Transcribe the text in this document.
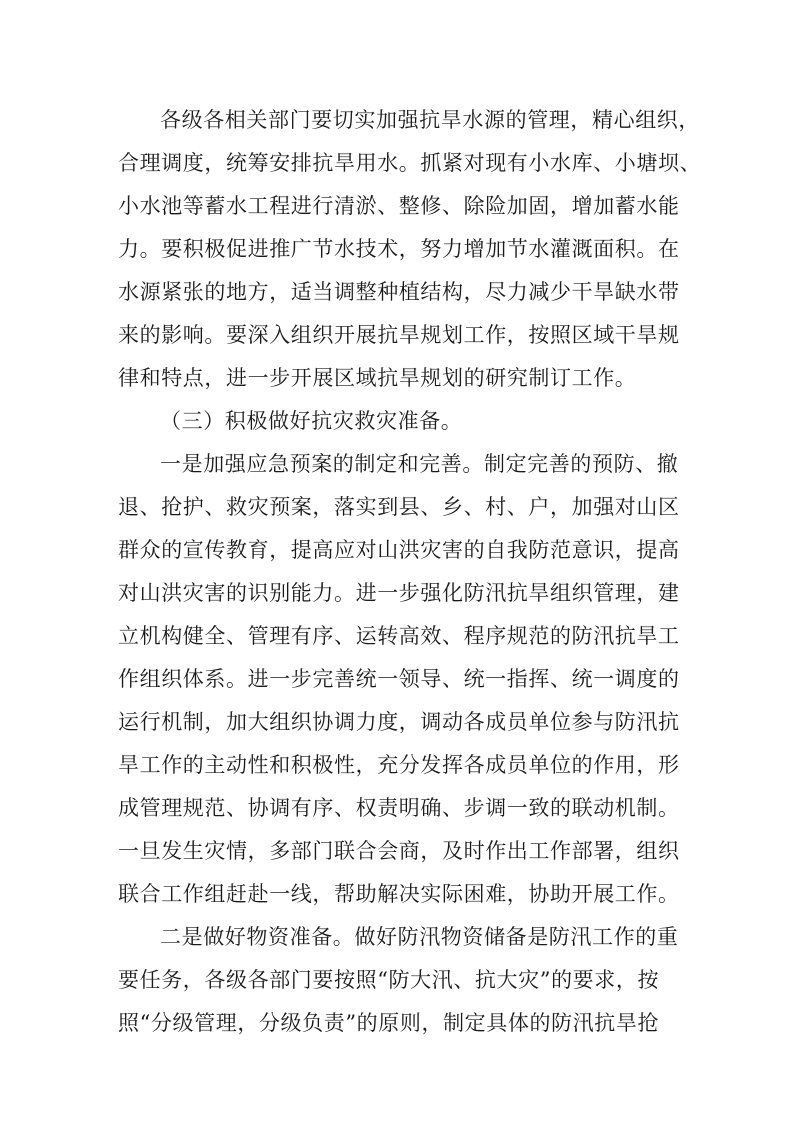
各级各相关部门要切实加强抗旱水源的管理，精心组织，
合理调度，统筹安排抗旱用水。抓紧对现有小水库、小塘坝、
小水池等蓄水工程进行清淤、整修、除险加固，增加蓄水能
力。要积极促进推广节水技术，努力增加节水灌溉面积。在
水源紧张的地方，适当调整种植结构，尽力减少干旱缺水带
来的影响。要深入组织开展抗旱规划工作，按照区域干旱规
律和特点，进一步开展区域抗旱规划的研究制订工作。
（三）积极做好抗灾救灾准备。
一是加强应急预案的制定和完善。制定完善的预防、撤
退、抢护、救灾预案，落实到县、乡、村、户，加强对山区
群众的宣传教育，提高应对山洪灾害的自我防范意识，提高
对山洪灾害的识别能力。进一步强化防汛抗旱组织管理，建
立机构健全、管理有序、运转高效、程序规范的防汛抗旱工
作组织体系。进一步完善统一领导、统一指挥、统一调度的
运行机制，加大组织协调力度，调动各成员单位参与防汛抗
旱工作的主动性和积极性，充分发挥各成员单位的作用，形
成管理规范、协调有序、权责明确、步调一致的联动机制。
一旦发生灾情，多部门联合会商，及时作出工作部署，组织
联合工作组赶赴一线，帮助解决实际困难，协助开展工作。
二是做好物资准备。做好防汛物资储备是防汛工作的重
要任务，各级各部门要按照“防大汛、抗大灾”的要求，按
照“分级管理，分级负责”的原则，制定具体的防汛抗旱抢
